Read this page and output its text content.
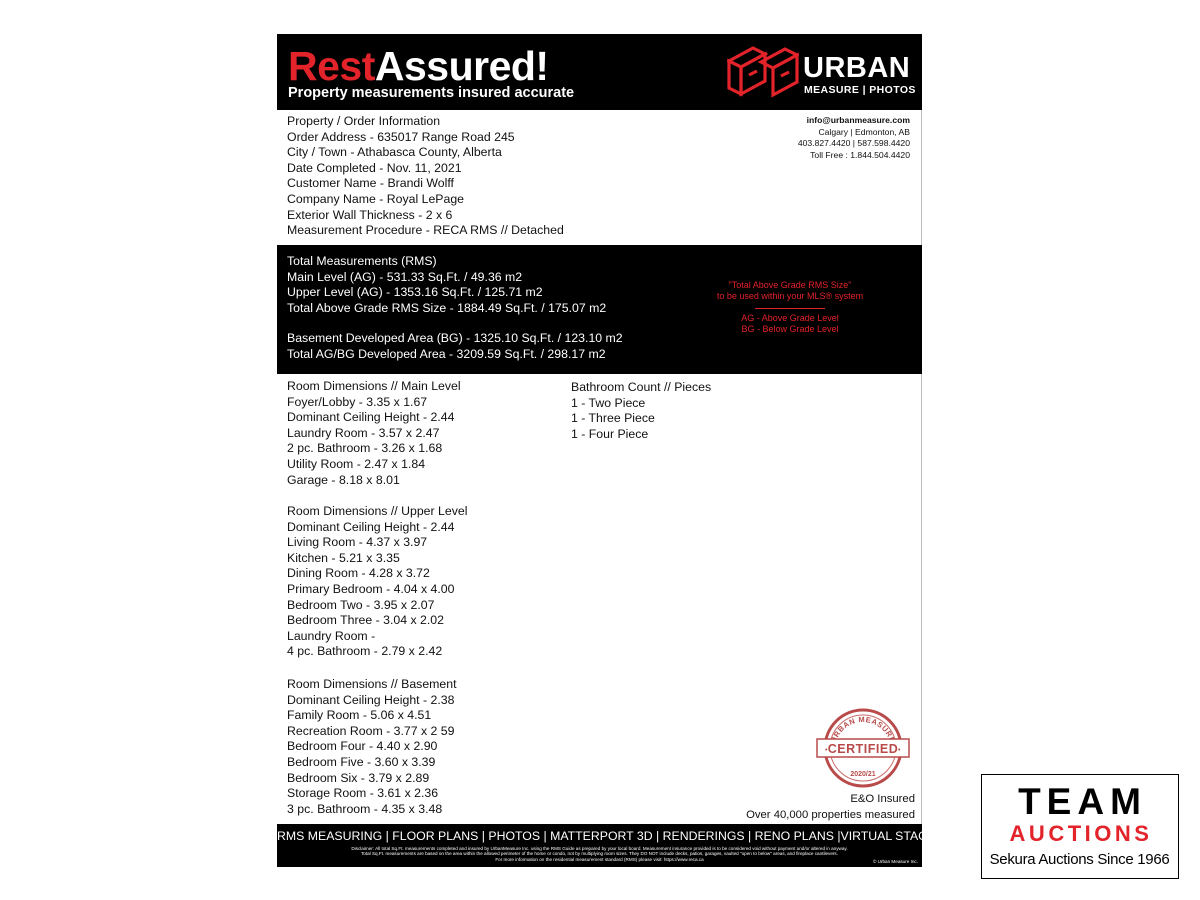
RestAssured!
Property measurements insured accurate
URBAN
MEASURE | PHOTOS
Property / Order Information
Order Address - 635017 Range Road 245
City / Town - Athabasca County, Alberta
Date Completed - Nov. 11, 2021
Customer Name - Brandi Wolff
Company Name - Royal LePage
Exterior Wall Thickness - 2 x 6
Measurement Procedure - RECA RMS // Detached
info@urbanmeasure.com
Calgary | Edmonton, AB
403.827.4420 | 587.598.4420
Toll Free : 1.844.504.4420
Total Measurements (RMS)
Main Level (AG) - 531.33 Sq.Ft. / 49.36 m2
Upper Level (AG) - 1353.16 Sq.Ft. / 125.71 m2
Total Above Grade RMS Size - 1884.49 Sq.Ft. / 175.07 m2
Basement Developed Area (BG) - 1325.10 Sq.Ft. / 123.10 m2
Total AG/BG Developed Area - 3209.59 Sq.Ft. / 298.17 m2
"Total Above Grade RMS Size"
to be used within your MLS® system
AG - Above Grade Level
BG - Below Grade Level
Room Dimensions // Main Level
Foyer/Lobby - 3.35 x 1.67
Dominant Ceiling Height - 2.44
Laundry Room - 3.57 x 2.47
2 pc. Bathroom - 3.26 x 1.68
Utility Room - 2.47 x 1.84
Garage - 8.18 x 8.01
Room Dimensions // Upper Level
Dominant Ceiling Height - 2.44
Living Room - 4.37 x 3.97
Kitchen - 5.21 x 3.35
Dining Room - 4.28 x 3.72
Primary Bedroom - 4.04 x 4.00
Bedroom Two - 3.95 x 2.07
Bedroom Three - 3.04 x 2.02
Laundry Room -
4 pc. Bathroom - 2.79 x 2.42
Room Dimensions // Basement
Dominant Ceiling Height - 2.38
Family Room - 5.06 x 4.51
Recreation Room - 3.77 x 2 59
Bedroom Four - 4.40 x 2.90
Bedroom Five - 3.60 x 3.39
Bedroom Six - 3.79 x 2.89
Storage Room - 3.61 x 2.36
3 pc. Bathroom - 4.35 x 3.48
Bathroom Count // Pieces
1 - Two Piece
1 - Three Piece
1 - Four Piece
RBAN MEASUR
CERTIFIED
•	•
2020/21
E&O Insured
Over 40,000 properties measured
RMS MEASURING | FLOOR PLANS | PHOTOS | MATTERPORT 3D | RENDERINGS | RENO PLANS |VIRTUAL STAGING
Disclaimer: All total Sq.Ft. measurements completed and insured by UrbanMeasure Inc. using the RMS Guide as prepared by your local board. Measurement insurance provided is to be considered void without payment and/or altered in anyway.
Total Sq.Ft. measurements are based on the area within the allowed perimeter of the home or condo, not by multiplying room sizes. They DO NOT include decks, patios, garages, vaulted "open to below" areas, and fireplace cantilevers.
For more information on the residential measurement standard (RMS) please visit: https://www.reca.ca	© Urban Measure Inc.
TEAM
AUCTIONS
Sekura Auctions Since 1966
